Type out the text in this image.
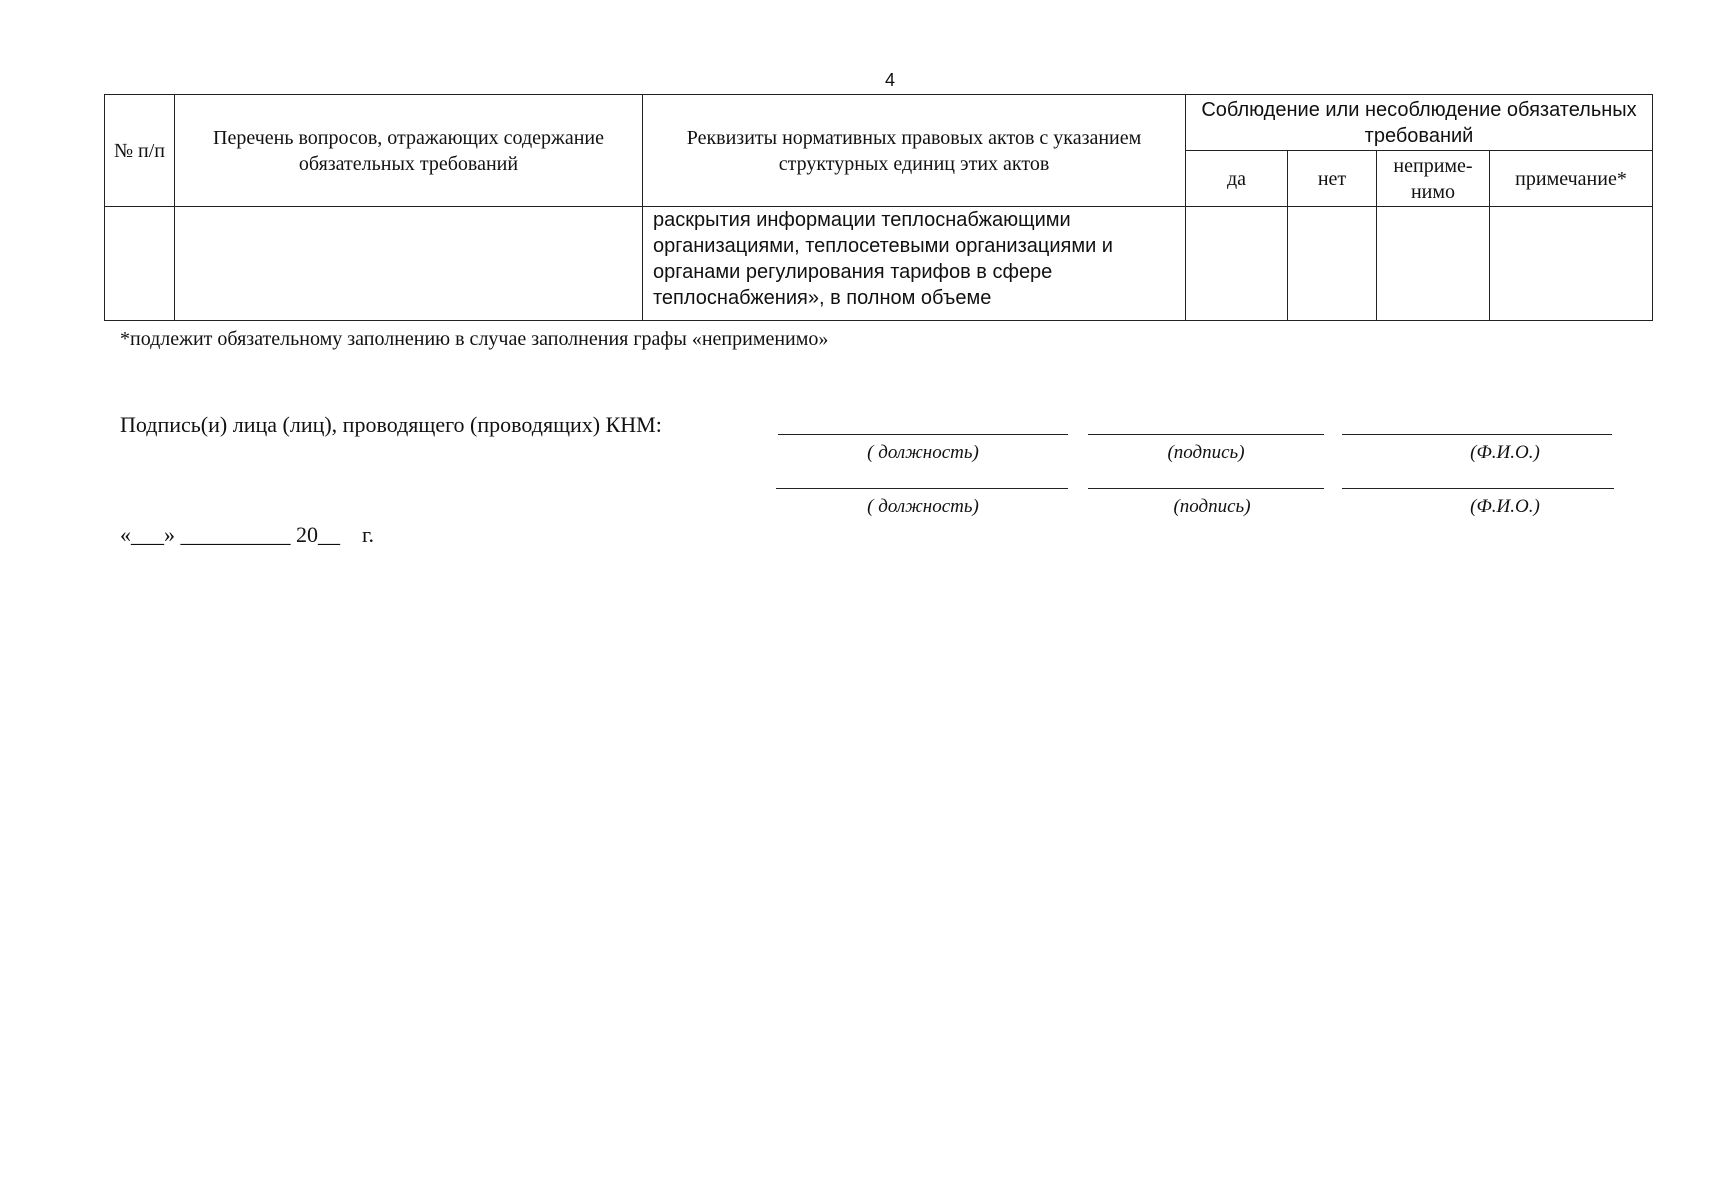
4
№ п/п	Перечень вопросов, отражающих содержание обязательных требований	Реквизиты нормативных правовых актов с указанием структурных единиц этих актов	Соблюдение или несоблюдение обязательных требований			
			да	нет	неприме-нимо	примечание*
		раскрытия информации теплоснабжающими организациями, теплосетевыми организациями и органами регулирования тарифов в сфере теплоснабжения», в полном объеме				
*подлежит обязательному заполнению в случае заполнения графы «неприменимо»
Подпись(и) лица (лиц), проводящего (проводящих) КНМ:
( должность)	(подпись)	(Ф.И.О.)
( должность)	(подпись)	(Ф.И.О.)
«___» __________ 20__    г.
